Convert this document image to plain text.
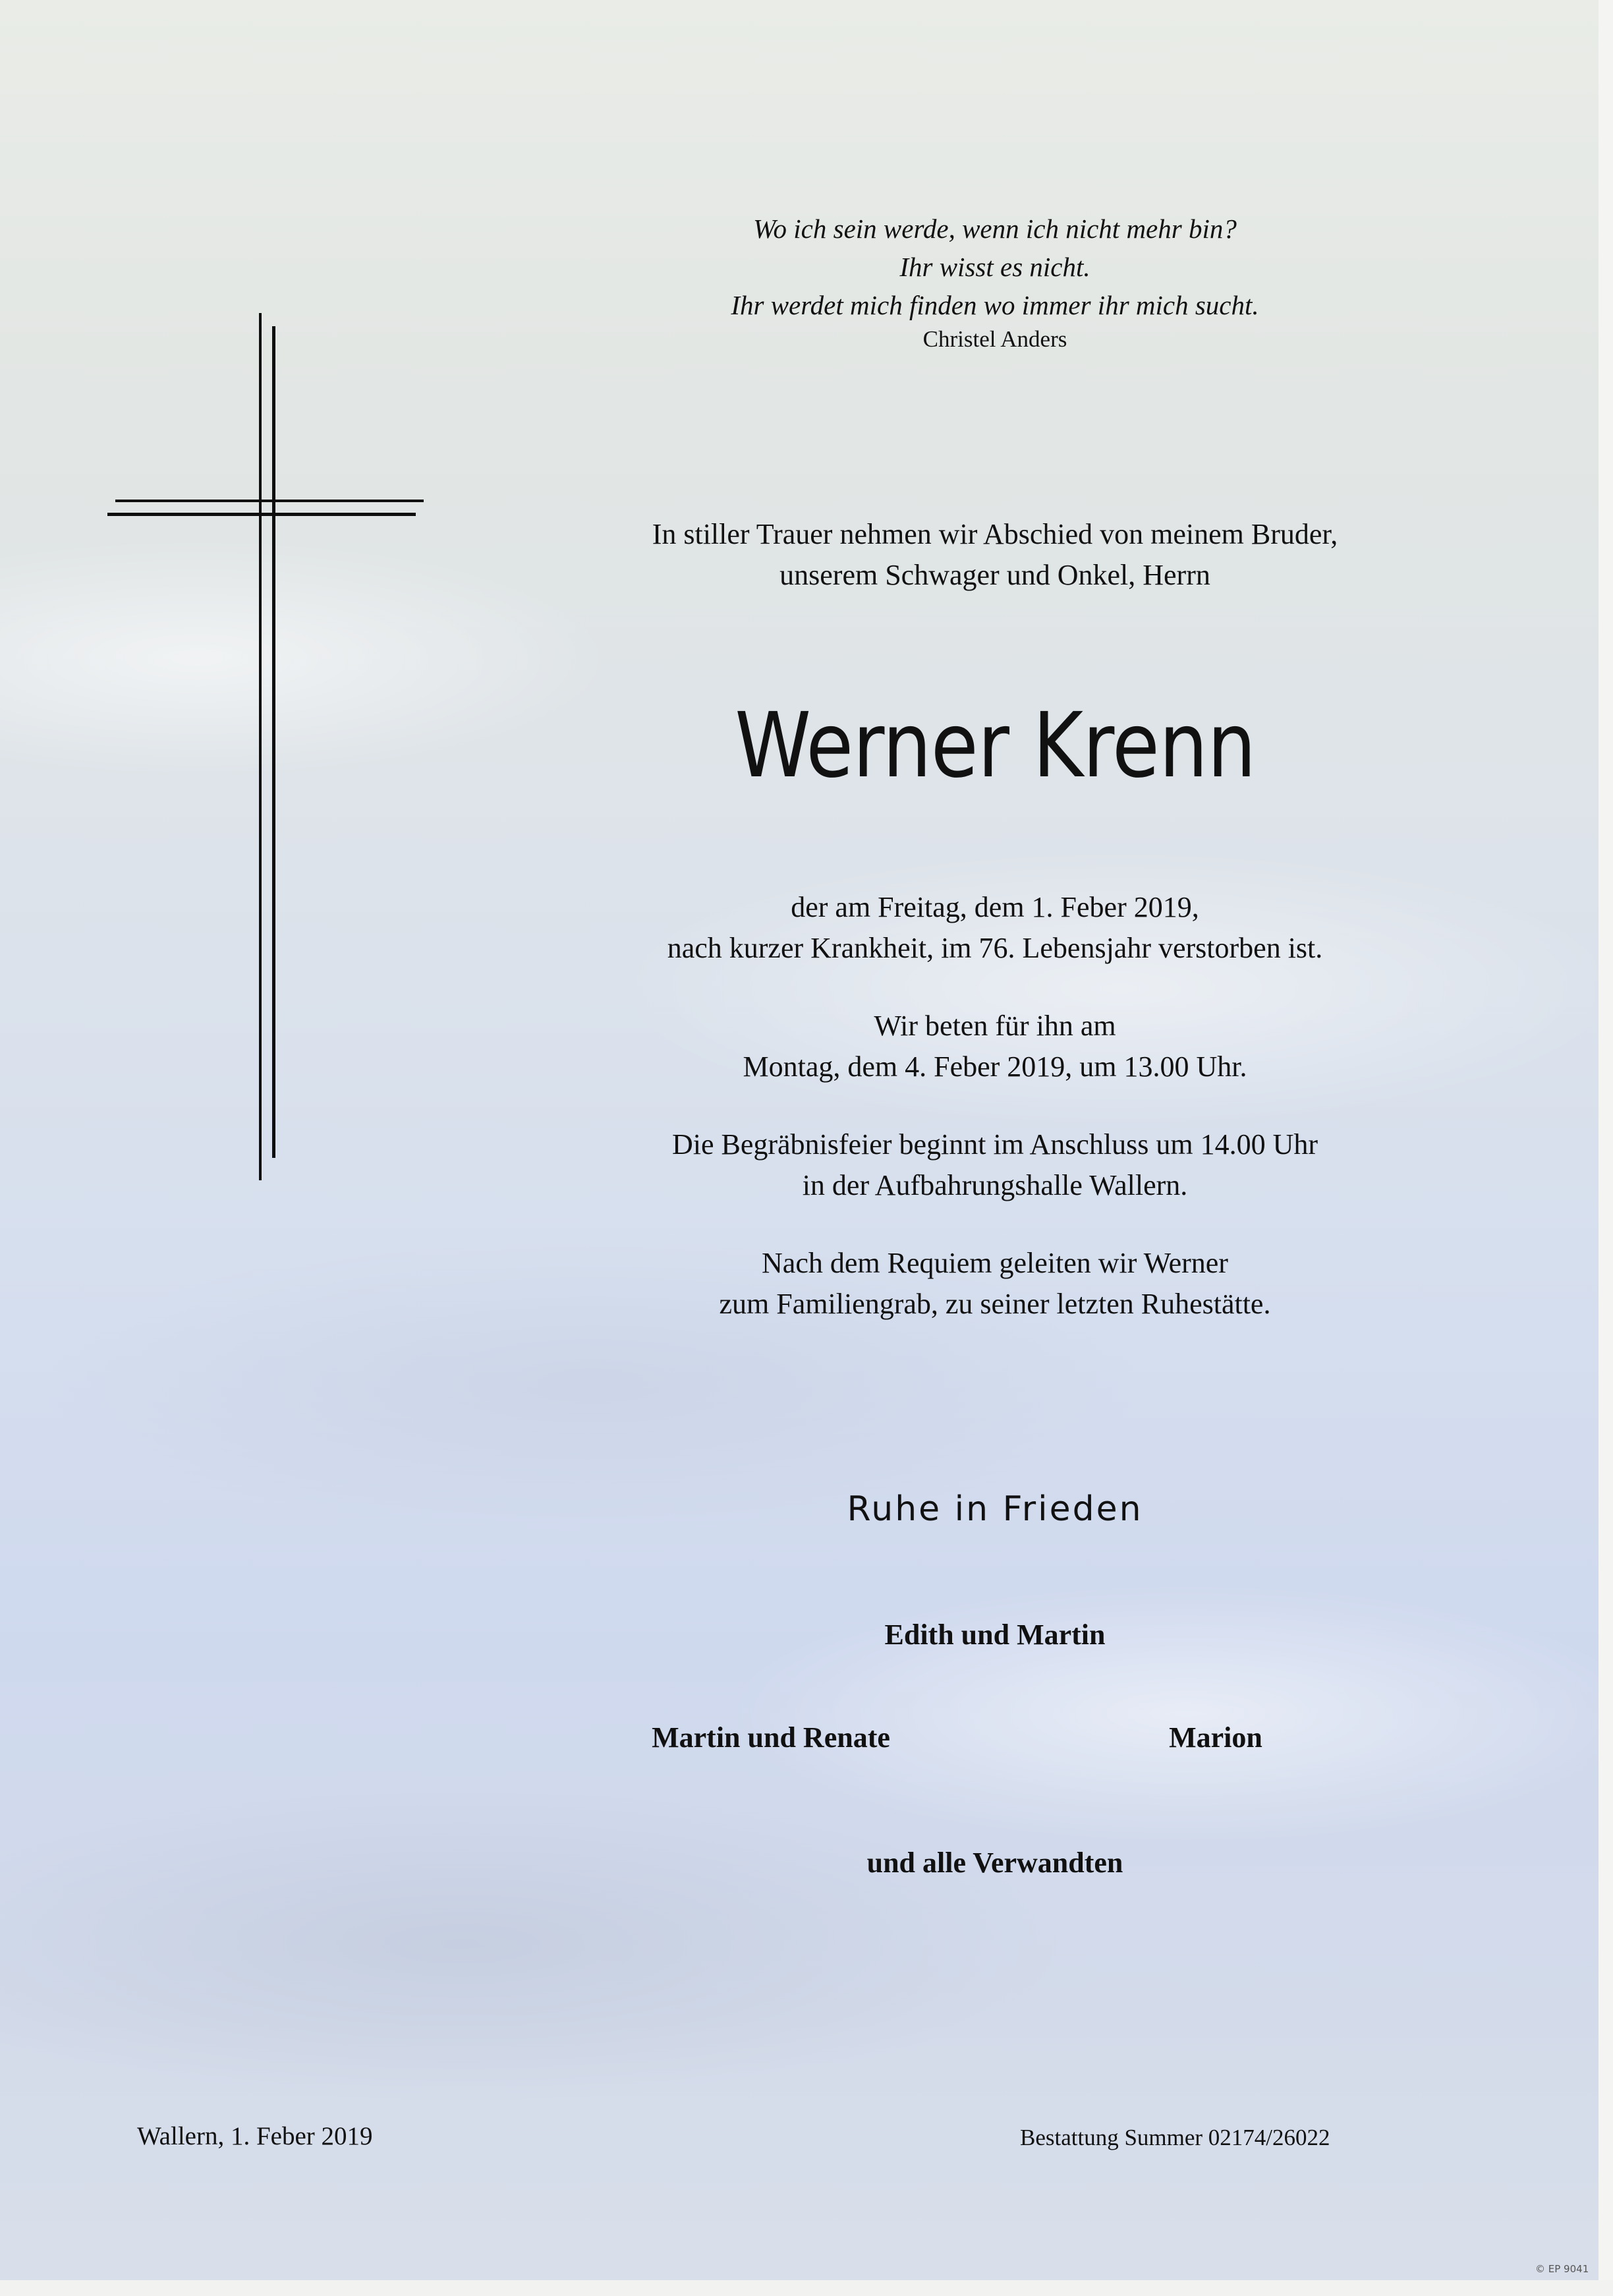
Wo ich sein werde, wenn ich nicht mehr bin?
Ihr wisst es nicht.
Ihr werdet mich finden wo immer ihr mich sucht.
Christel Anders
In stiller Trauer nehmen wir Abschied von meinem Bruder,
unserem Schwager und Onkel, Herrn
Werner Krenn
der am Freitag, dem 1. Feber 2019,
nach kurzer Krankheit, im 76. Lebensjahr verstorben ist.
Wir beten für ihn am
Montag, dem 4. Feber 2019, um 13.00 Uhr.
Die Begräbnisfeier beginnt im Anschluss um 14.00 Uhr
in der Aufbahrungshalle Wallern.
Nach dem Requiem geleiten wir Werner
zum Familiengrab, zu seiner letzten Ruhestätte.
Ruhe in Frieden
Edith und Martin
Martin und Renate	Marion
und alle Verwandten
Wallern, 1. Feber 2019	Bestattung Summer 02174/26022
© EP 9041
